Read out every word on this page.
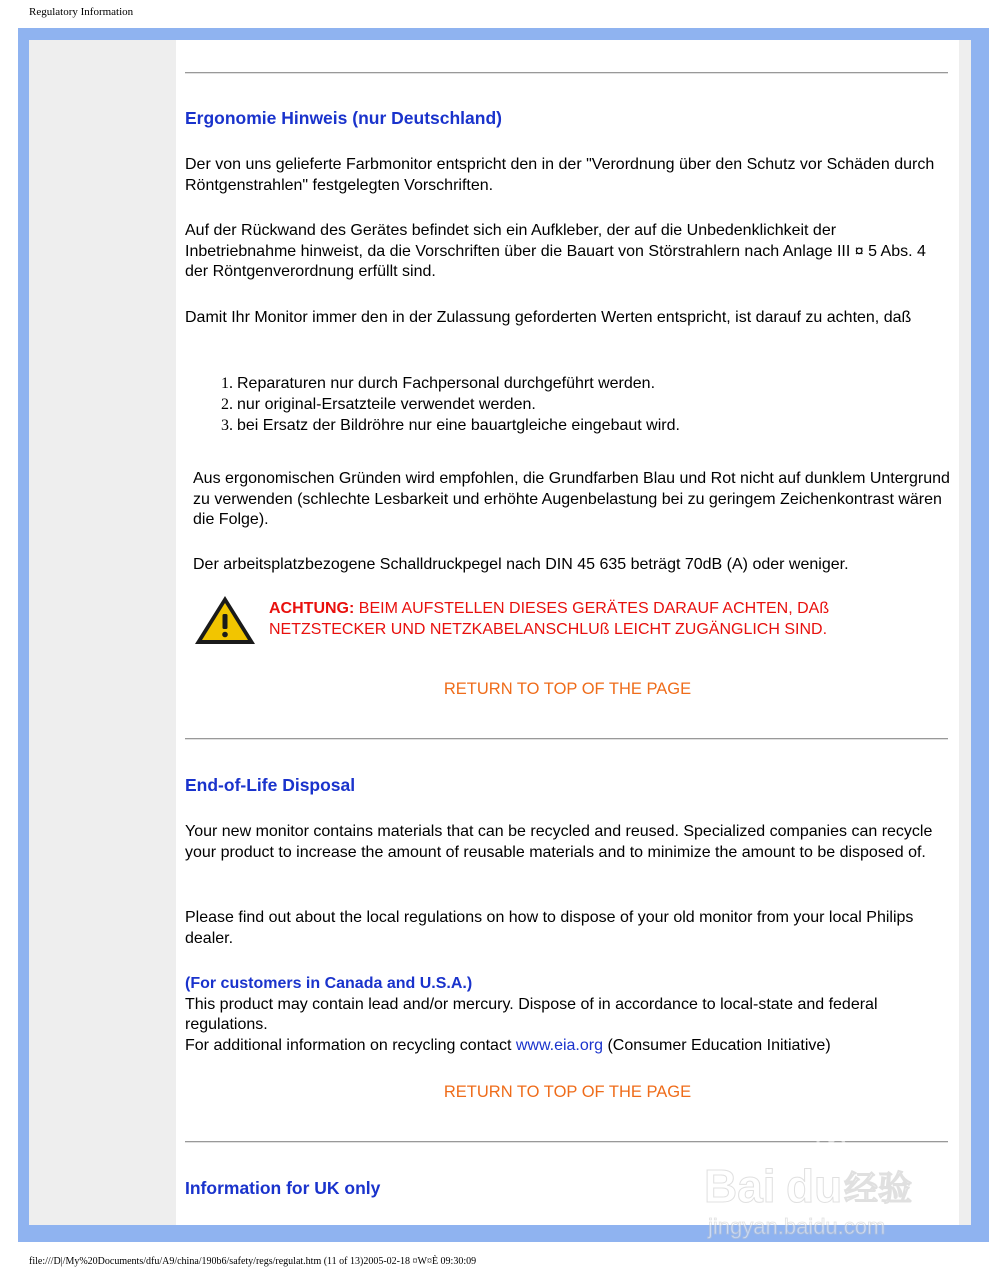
Regulatory Information
Ergonomie Hinweis (nur Deutschland)
Der von uns gelieferte Farbmonitor entspricht den in der "Verordnung über den Schutz vor Schäden durch Röntgenstrahlen" festgelegten Vorschriften.
Auf der Rückwand des Gerätes befindet sich ein Aufkleber, der auf die Unbedenklichkeit der Inbetriebnahme hinweist, da die Vorschriften über die Bauart von Störstrahlern nach Anlage III ¤ 5 Abs. 4 der Röntgenverordnung erfüllt sind.
Damit Ihr Monitor immer den in der Zulassung geforderten Werten entspricht, ist darauf zu achten, daß
1. Reparaturen nur durch Fachpersonal durchgeführt werden.
2. nur original-Ersatzteile verwendet werden.
3. bei Ersatz der Bildröhre nur eine bauartgleiche eingebaut wird.
Aus ergonomischen Gründen wird empfohlen, die Grundfarben Blau und Rot nicht auf dunklem Untergrund zu verwenden (schlechte Lesbarkeit und erhöhte Augenbelastung bei zu geringem Zeichenkontrast wären die Folge).
Der arbeitsplatzbezogene Schalldruckpegel nach DIN 45 635 beträgt 70dB (A) oder weniger.
ACHTUNG: BEIM AUFSTELLEN DIESES GERÄTES DARAUF ACHTEN, DAß NETZSTECKER UND NETZKABELANSCHLUß LEICHT ZUGÄNGLICH SIND.
RETURN TO TOP OF THE PAGE
End-of-Life Disposal
Your new monitor contains materials that can be recycled and reused. Specialized companies can recycle your product to increase the amount of reusable materials and to minimize the amount to be disposed of.
Please find out about the local regulations on how to dispose of your old monitor from your local Philips dealer.
(For customers in Canada and U.S.A.)
This product may contain lead and/or mercury. Dispose of in accordance to local-state and federal regulations.
For additional information on recycling contact www.eia.org (Consumer Education Initiative)
RETURN TO TOP OF THE PAGE
Information for UK only	Bai du 经验
jingyan.baidu.com
file:///D|/My%20Documents/dfu/A9/china/190b6/safety/regs/regulat.htm (11 of 13)2005-02-18 ¤W¤È 09:30:09
